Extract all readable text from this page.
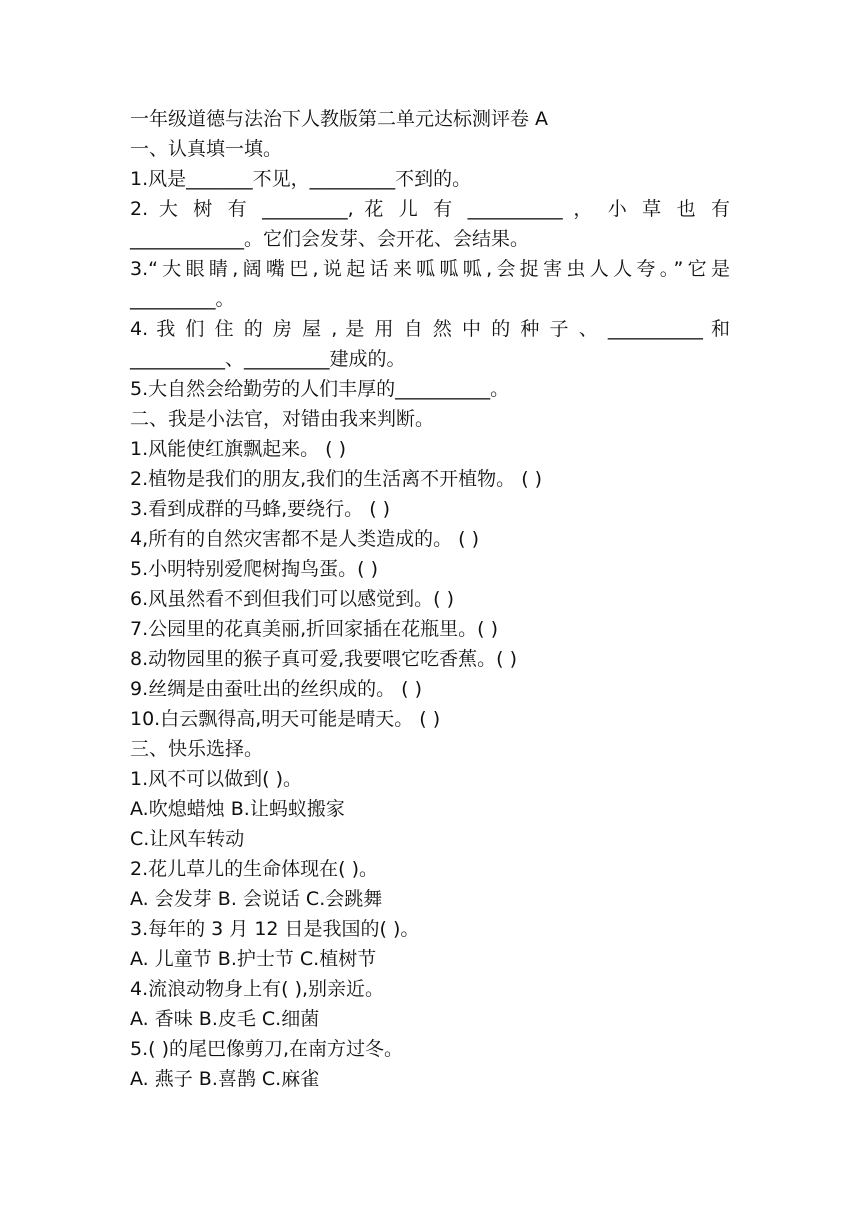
一年级道德与法治下人教版第二单元达标测评卷 A
一、认真填一填。
1.风是_______不见，_________不到的。
2. 大 树 有 _________, 花 儿 有 __________ ， 小 草 也 有
____________。它们会发芽、会开花、会结果。
3.“大眼睛,阔嘴巴,说起话来呱呱呱,会捉害虫人人夸。”它是
_________。
4. 我 们 住 的 房 屋 , 是 用 自 然 中 的 种 子 、 __________ 和
__________、_________建成的。
5.大自然会给勤劳的人们丰厚的__________。
二、我是小法官，对错由我来判断。
1.风能使红旗飘起来。 ( )
2.植物是我们的朋友,我们的生活离不开植物。 ( )
3.看到成群的马蜂,要绕行。 ( )
4,所有的自然灾害都不是人类造成的。 ( )
5.小明特别爱爬树掏鸟蛋。( )
6.风虽然看不到但我们可以感觉到。( )
7.公园里的花真美丽,折回家插在花瓶里。( )
8.动物园里的猴子真可爱,我要喂它吃香蕉。( )
9.丝绸是由蚕吐出的丝织成的。 ( )
10.白云飘得高,明天可能是晴天。 ( )
三、快乐选择。
1.风不可以做到( )。
A.吹熄蜡烛 B.让蚂蚁搬家
C.让风车转动
2.花儿草儿的生命体现在( )。
A. 会发芽 B. 会说话 C.会跳舞
3.每年的 3 月 12 日是我国的( )。
A. 儿童节 B.护士节 C.植树节
4.流浪动物身上有( ),别亲近。
A. 香味 B.皮毛 C.细菌
5.( )的尾巴像剪刀,在南方过冬。
A. 燕子 B.喜鹊 C.麻雀
